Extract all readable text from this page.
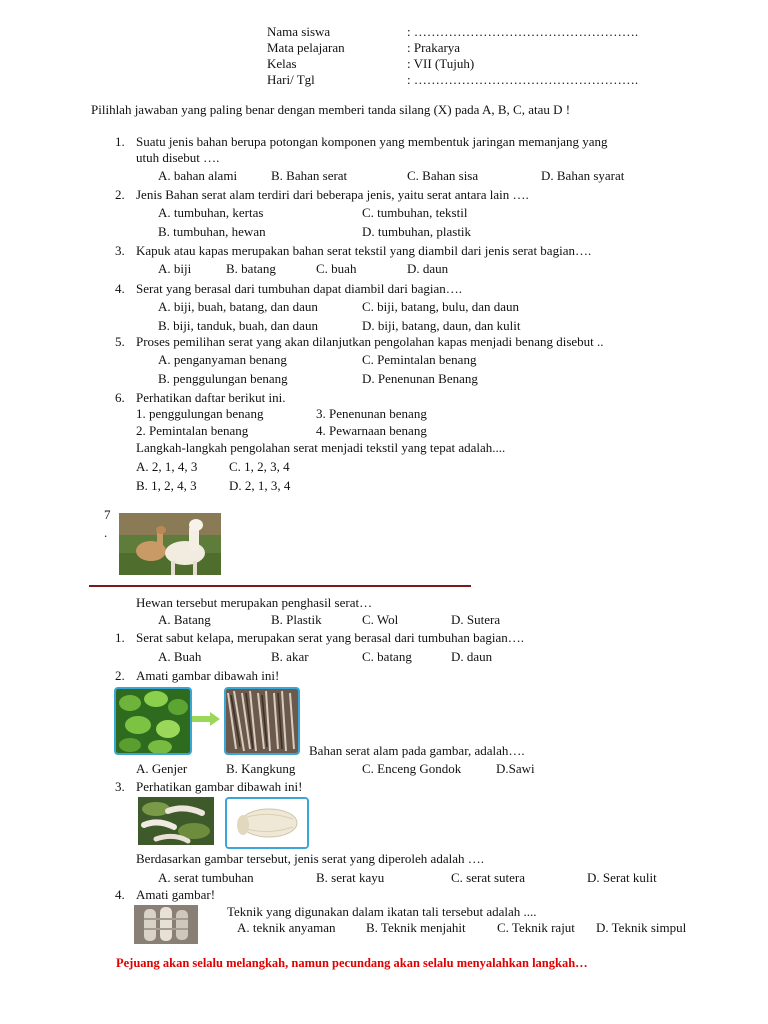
Nama siswa	: …………………………………………….
Mata pelajaran	: Prakarya
Kelas	: VII (Tujuh)
Hari/ Tgl	: …………………………………………….
Pilihlah jawaban yang paling benar dengan memberi tanda silang (X) pada A, B, C, atau D !
1. Suatu jenis bahan berupa potongan komponen yang membentuk jaringan memanjang yang
utuh disebut ….
A. bahan alami	B. Bahan serat	C. Bahan sisa	D. Bahan syarat
2. Jenis Bahan serat alam terdiri dari beberapa jenis, yaitu serat antara lain ….
A. tumbuhan, kertas	C. tumbuhan, tekstil
B. tumbuhan, hewan	D. tumbuhan, plastik
3. Kapuk atau kapas merupakan bahan serat tekstil yang diambil dari jenis serat bagian….
A. biji	B. batang	C. buah	D. daun
4. Serat yang berasal dari tumbuhan dapat diambil dari bagian….
A. biji, buah, batang, dan daun	C. biji, batang, bulu, dan daun
B. biji, tanduk, buah, dan daun	D. biji, batang, daun, dan kulit
5. Proses pemilihan serat yang akan dilanjutkan pengolahan kapas menjadi benang disebut ..
A. penganyaman benang	C. Pemintalan benang
B. penggulungan benang	D. Penenunan Benang
6. Perhatikan daftar berikut ini.
1. penggulungan benang	3. Penenunan benang
2. Pemintalan benang	4. Pewarnaan benang
Langkah-langkah pengolahan serat menjadi tekstil yang tepat adalah....
A. 2, 1, 4, 3 C. 1, 2, 3, 4
B. 1, 2, 4, 3 D. 2, 1, 3, 4
7
.
Hewan tersebut merupakan penghasil serat…
A. Batang	B. Plastik	C. Wol	D. Sutera
1. Serat sabut kelapa, merupakan serat yang berasal dari tumbuhan bagian….
A. Buah	B. akar	C. batang	D. daun
2. Amati gambar dibawah ini!
Bahan serat alam pada gambar, adalah….
A. Genjer	B. Kangkung	C. Enceng Gondok	D.Sawi
3. Perhatikan gambar dibawah ini!
Berdasarkan gambar tersebut, jenis serat yang diperoleh adalah ….
A. serat tumbuhan	B. serat kayu	C. serat sutera	D. Serat kulit
4. Amati gambar!
Teknik yang digunakan dalam ikatan tali tersebut adalah ....
A. teknik anyaman B. Teknik menjahit C. Teknik rajut D. Teknik simpul
Pejuang akan selalu melangkah, namun pecundang akan selalu menyalahkan langkah…
